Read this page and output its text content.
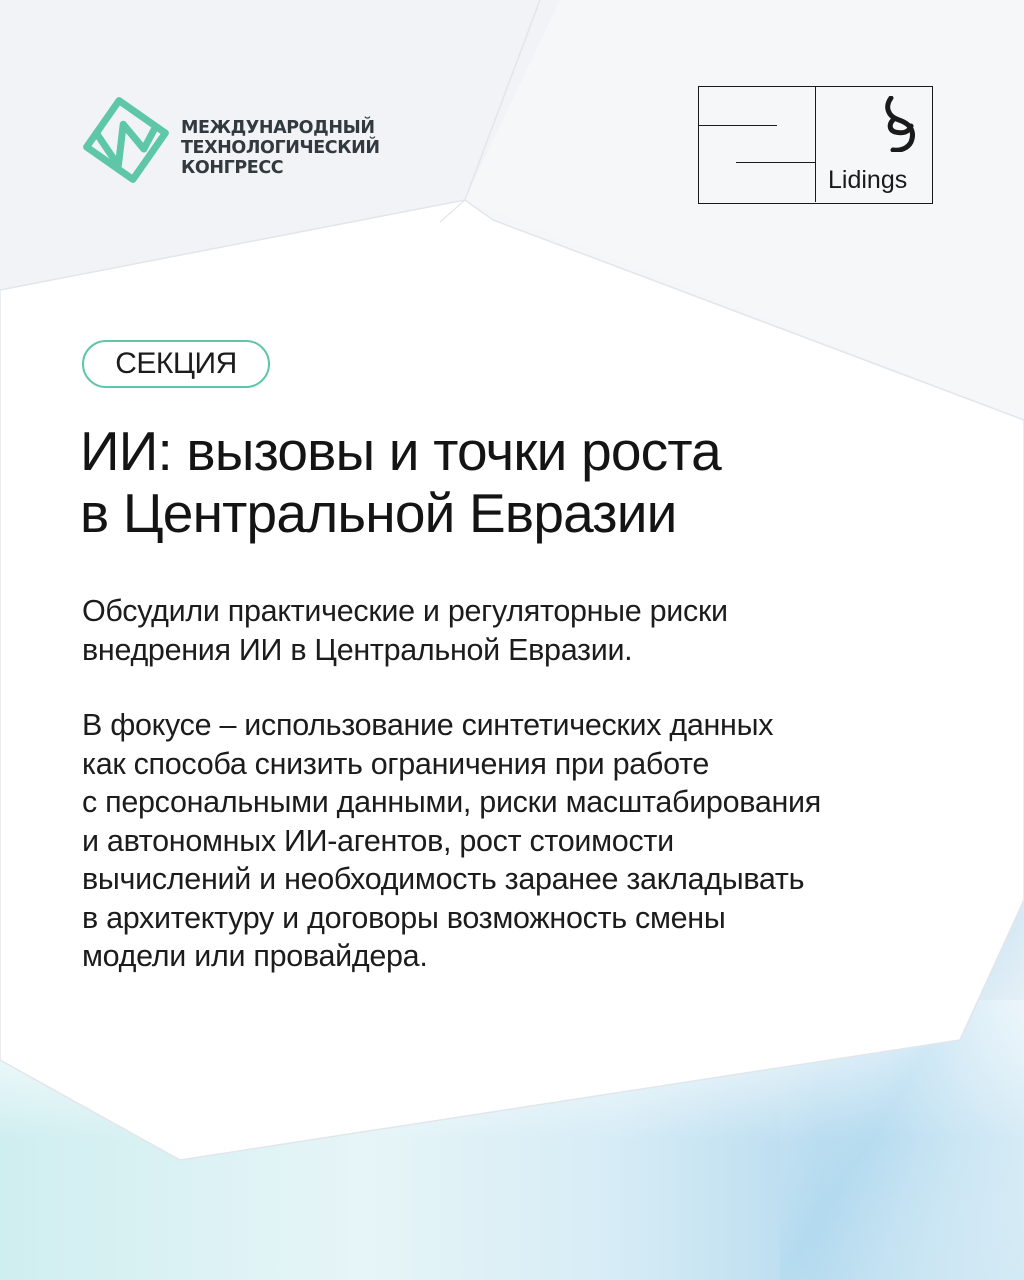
МЕЖДУНАРОДНЫЙ
ТЕХНОЛОГИЧЕСКИЙ
КОНГРЕСС	Lidings
СЕКЦИЯ
ИИ: вызовы и точки роста
в Центральной Евразии
Обсудили практические и регуляторные риски
внедрения ИИ в Центральной Евразии.
В фокусе – использование синтетических данных
как способа снизить ограничения при работе
с персональными данными, риски масштабирования
и автономных ИИ-агентов, рост стоимости
вычислений и необходимость заранее закладывать
в архитектуру и договоры возможность смены
модели или провайдера.
